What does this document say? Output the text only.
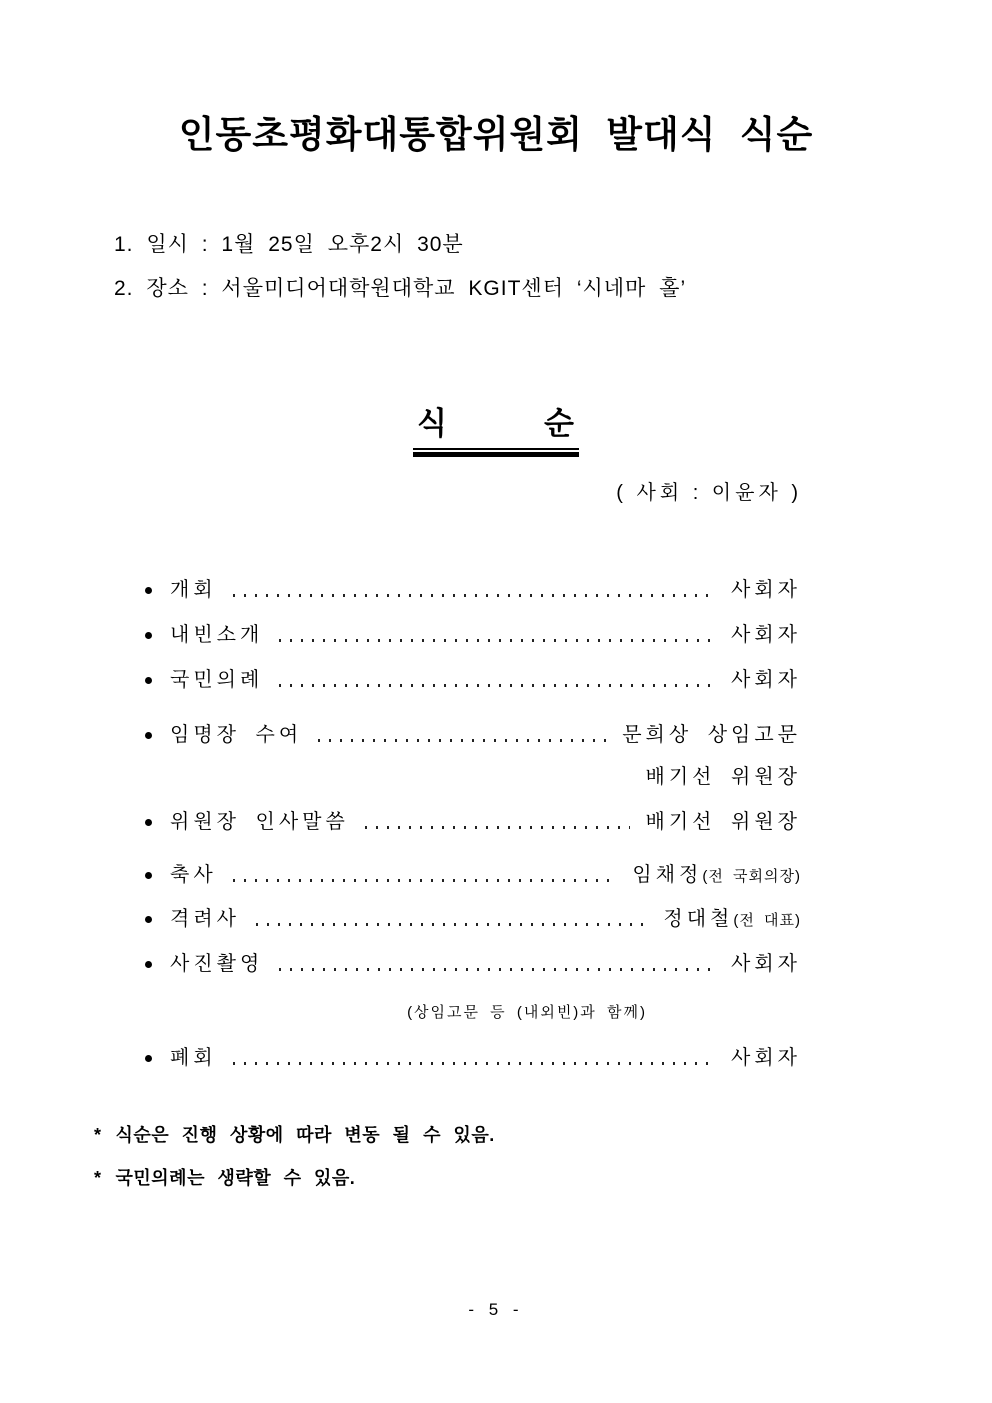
인동초평화대통합위원회 발대식 식순
1. 일시 : 1월 25일 오후2시 30분
2. 장소 : 서울미디어대학원대학교 KGIT센터 ‘시네마 홀’
식　　　순
( 사회 : 이윤자 )
개회	사회자
내빈소개	사회자
국민의례	사회자
임명장 수여	문희상 상임고문
배기선 위원장
위원장 인사말씀	배기선 위원장
축사	임채정 (전 국회의장)
격려사	정대철 (전 대표)
사진촬영	사회자
(상임고문 등 (내외빈)과 함께)
폐회	사회자
* 식순은 진행 상황에 따라 변동 될 수 있음.
* 국민의례는 생략할 수 있음.
- 5 -
